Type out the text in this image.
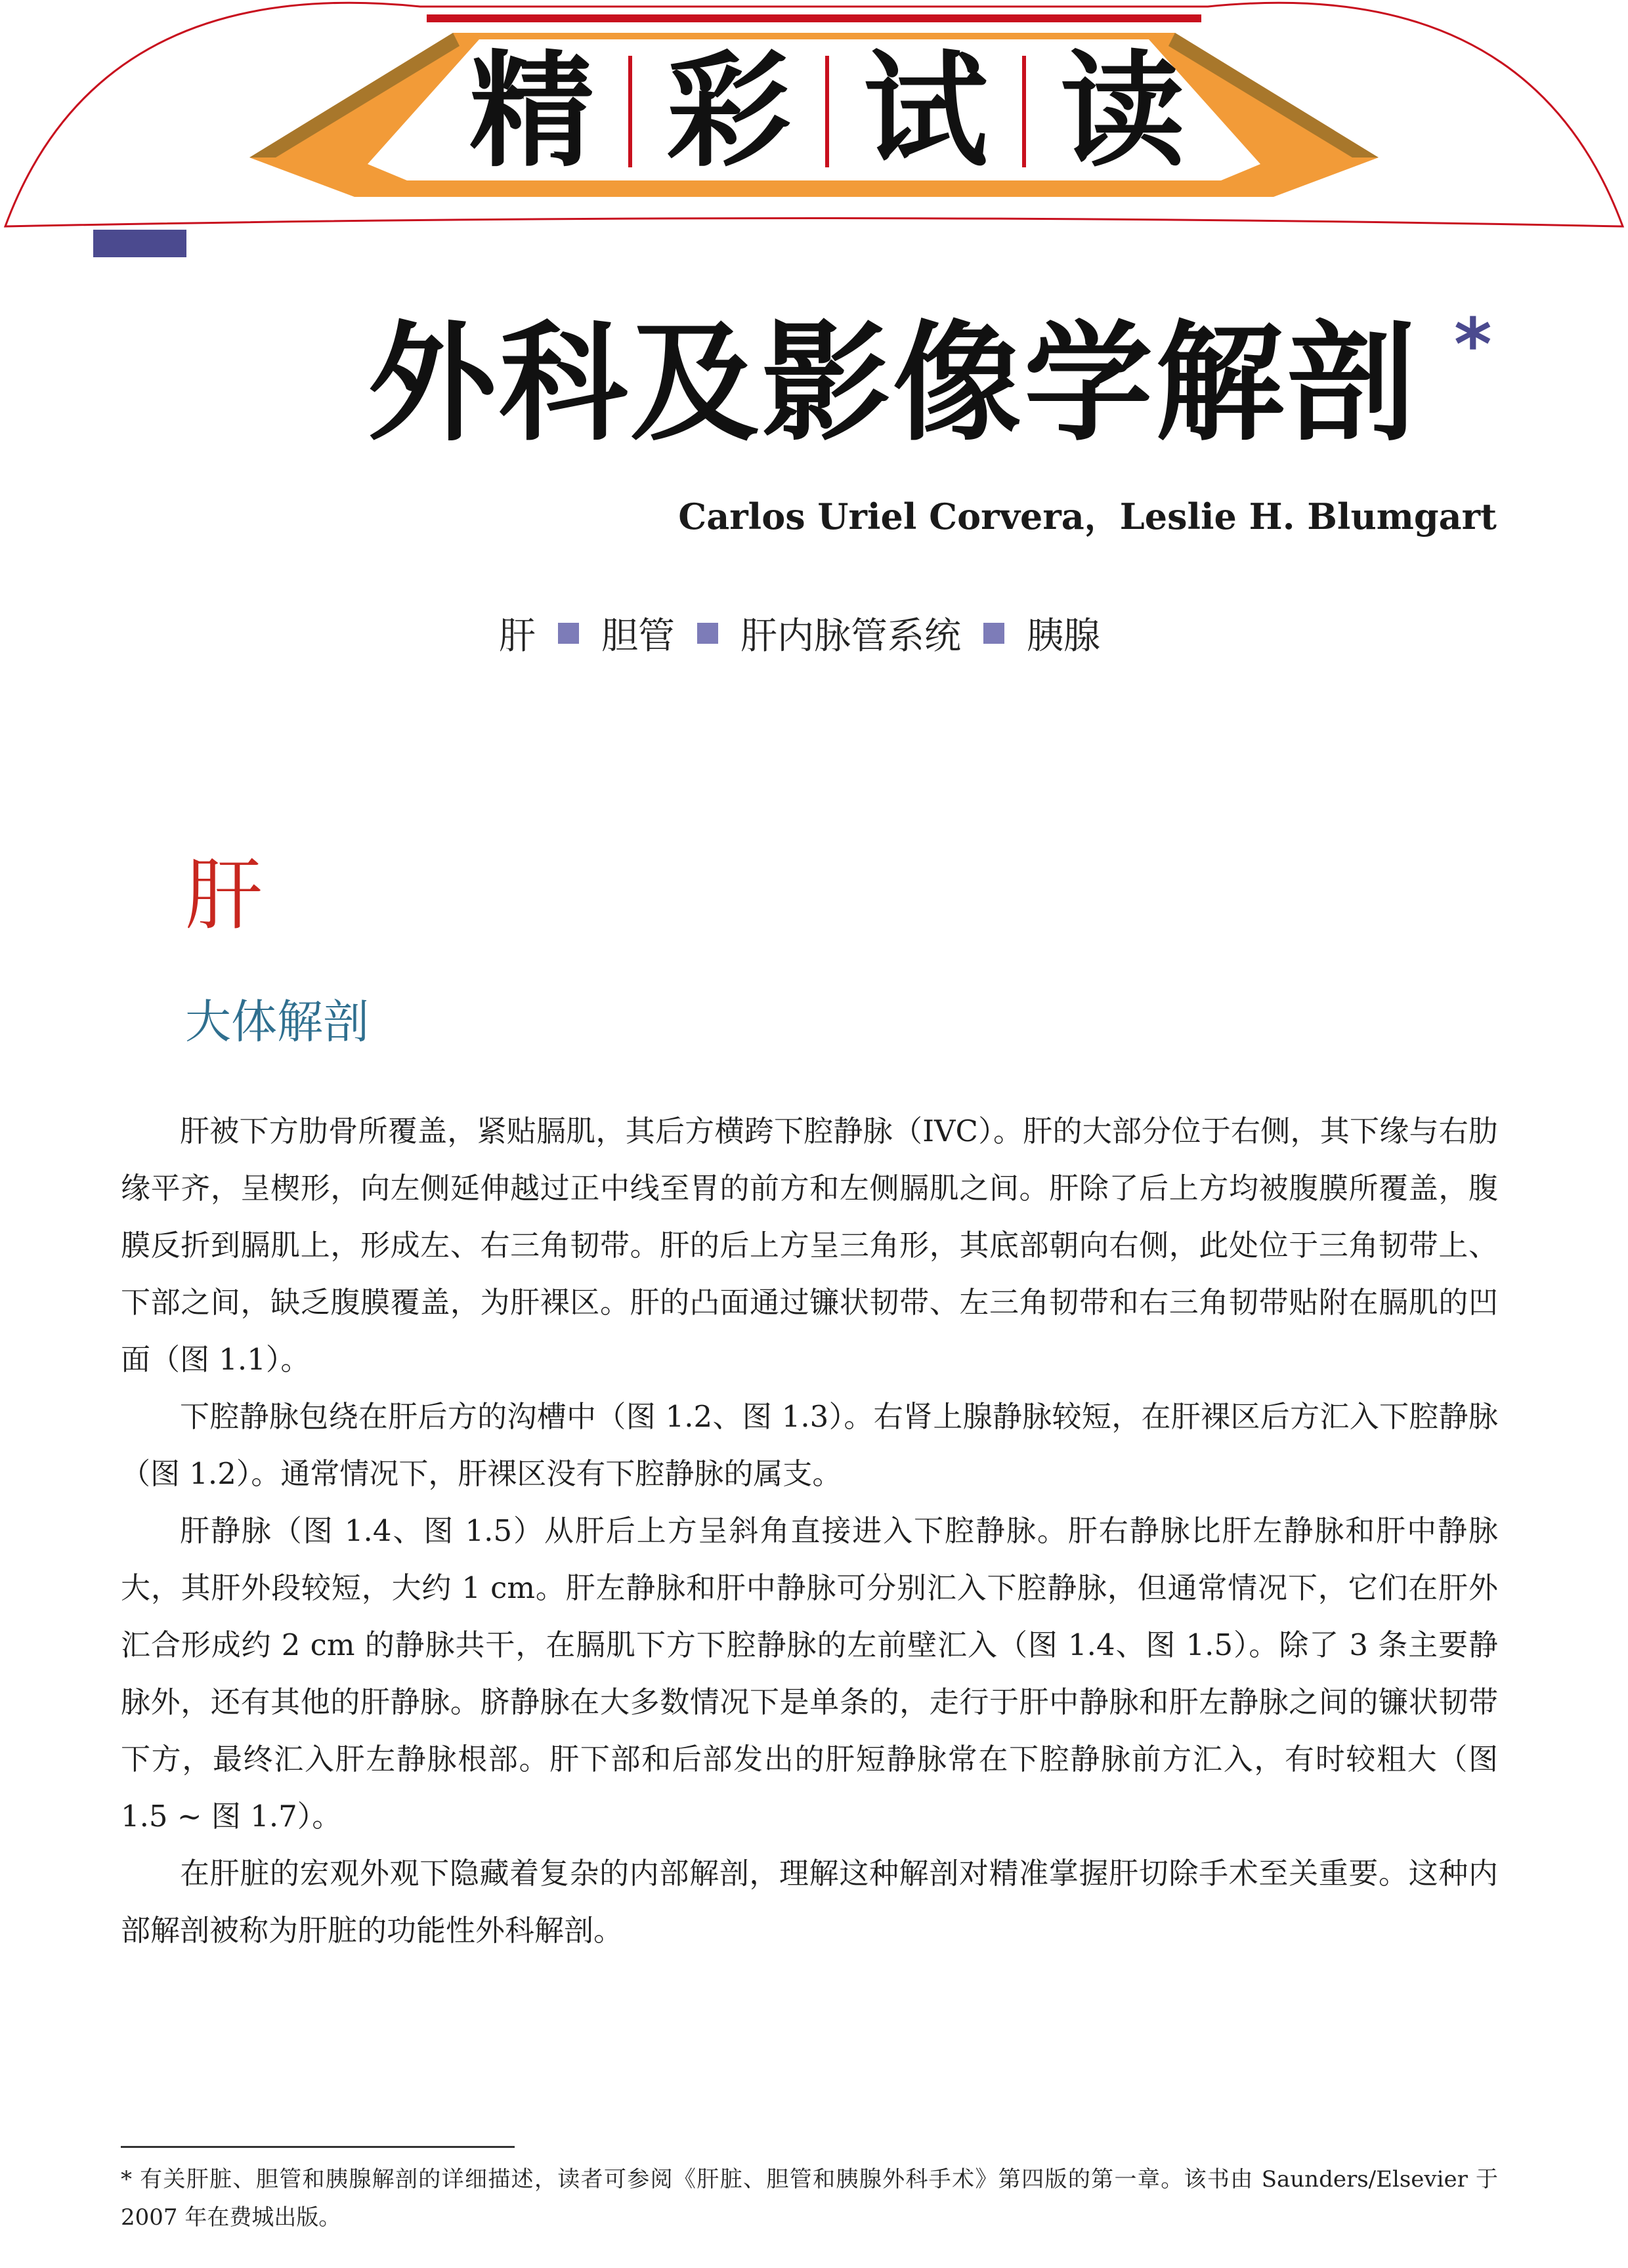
精 彩 试 读
外科及影像学解剖 *
Carlos Uriel Corvera，Leslie H. Blumgart
肝 胆管 肝内脉管系统 胰腺
肝
大体解剖

肝被下方肋骨所覆盖，紧贴膈肌，其后方横跨下腔静脉（IVC）。肝的大部分位于右侧，其下缘与右肋缘平齐，呈楔形，向左侧延伸越过正中线至胃的前方和左侧膈肌之间。肝除了后上方均被腹膜所覆盖，腹膜反折到膈肌上，形成左、右三角韧带。肝的后上方呈三角形，其底部朝向右侧，此处位于三角韧带上、下部之间，缺乏腹膜覆盖，为肝裸区。肝的凸面通过镰状韧带、左三角韧带和右三角韧带贴附在膈肌的凹面（图 1.1）。

下腔静脉包绕在肝后方的沟槽中（图 1.2、图 1.3）。右肾上腺静脉较短，在肝裸区后方汇入下腔静脉（图 1.2）。通常情况下，肝裸区没有下腔静脉的属支。

肝静脉（图 1.4、图 1.5）从肝后上方呈斜角直接进入下腔静脉。肝右静脉比肝左静脉和肝中静脉大，其肝外段较短，大约 1 cm。肝左静脉和肝中静脉可分别汇入下腔静脉，但通常情况下，它们在肝外汇合形成约 2 cm 的静脉共干，在膈肌下方下腔静脉的左前壁汇入（图 1.4、图 1.5）。除了 3 条主要静脉外，还有其他的肝静脉。脐静脉在大多数情况下是单条的，走行于肝中静脉和肝左静脉之间的镰状韧带下方，最终汇入肝左静脉根部。肝下部和后部发出的肝短静脉常在下腔静脉前方汇入，有时较粗大（图 1.5 ~ 图 1.7）。

在肝脏的宏观外观下隐藏着复杂的内部解剖，理解这种解剖对精准掌握肝切除手术至关重要。这种内部解剖被称为肝脏的功能性外科解剖。

* 有关肝脏、胆管和胰腺解剖的详细描述，读者可参阅《肝脏、胆管和胰腺外科手术》第四版的第一章。该书由 Saunders/Elsevier 于 2007 年在费城出版。
